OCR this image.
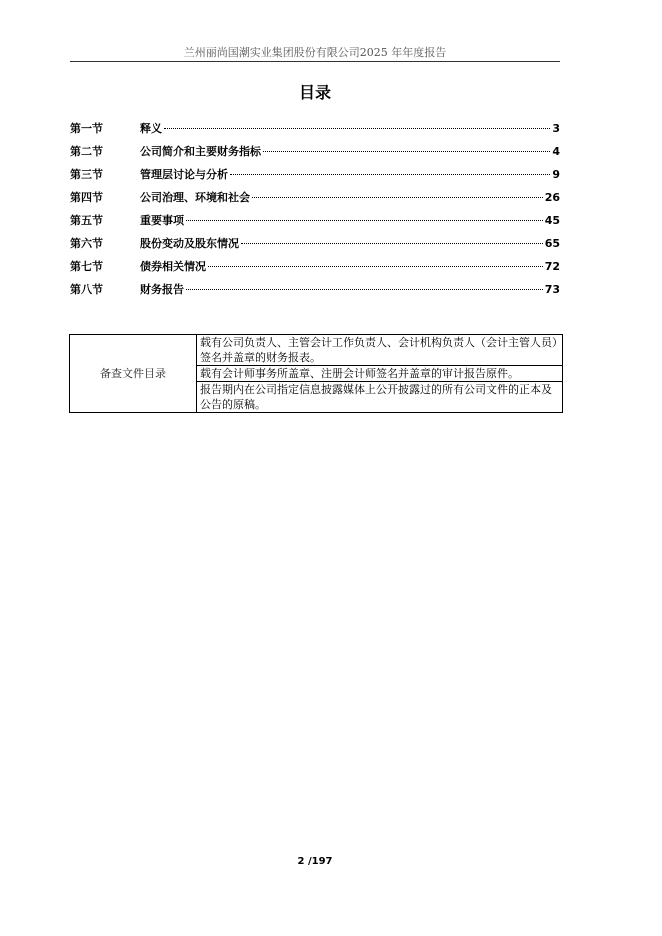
兰州丽尚国潮实业集团股份有限公司2025 年年度报告
目录
第一节	释义	3
第二节	公司简介和主要财务指标	4
第三节	管理层讨论与分析	9
第四节	公司治理、环境和社会	26
第五节	重要事项	45
第六节	股份变动及股东情况	65
第七节	债券相关情况	72
第八节	财务报告	73
备查文件目录	载有公司负责人、主管会计工作负责人、会计机构负责人（会计主管人员）签名并盖章的财务报表。
载有会计师事务所盖章、注册会计师签名并盖章的审计报告原件。
报告期内在公司指定信息披露媒体上公开披露过的所有公司文件的正本及公告的原稿。
2 /197
